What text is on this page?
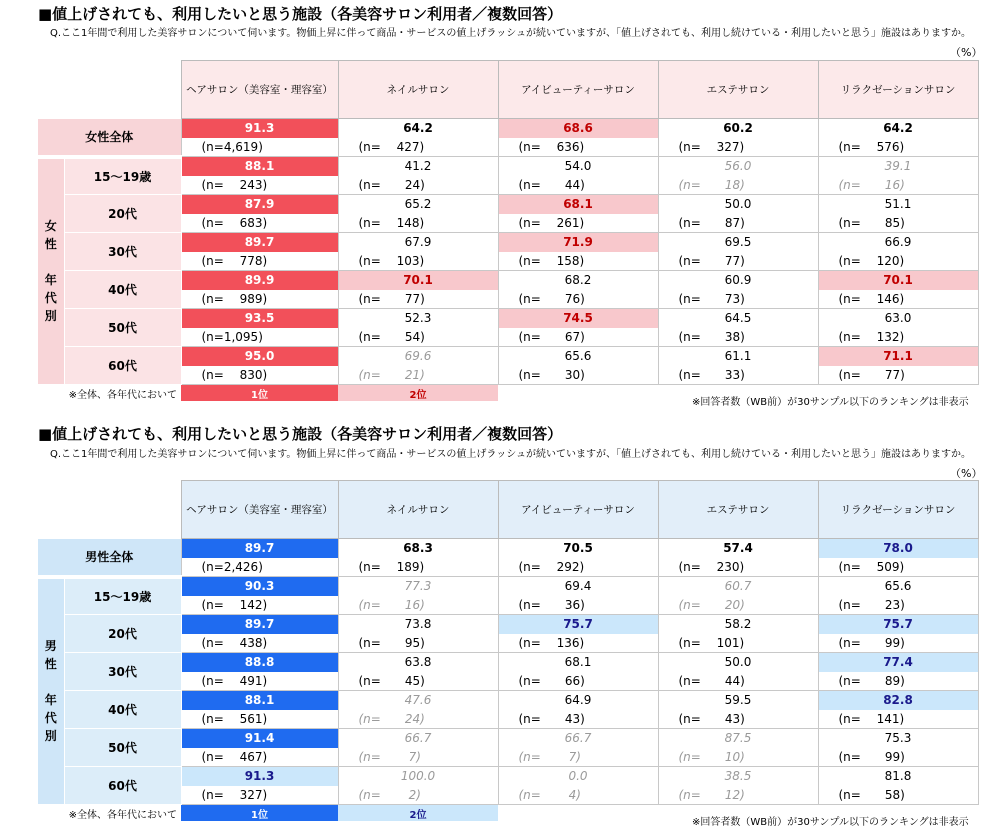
■値上げされても、利用したいと思う施設（各美容サロン利用者／複数回答）
Q.ここ1年間で利用した美容サロンについて伺います。物価上昇に伴って商品・サービスの値上げラッシュが続いていますが、「値上げされても、利用し続けている・利用したいと思う」施設はありますか。
（%）
		ヘアサロン（美容室・理容室）	ネイルサロン	アイビューティーサロン	エステサロン	リラクゼーションサロン
女性全体		91.3	64.2	68.6	60.2	64.2
		(n=4,619)	(n=　 427)	(n=　 636)	(n=　 327)	(n=　 576)

女
性
年
代
別	15～19歳	88.1	41.2	54.0	56.0	39.1
		(n=　 243)	(n=　　24)	(n=　　44)	(n=　　18)	(n=　　16)
	20代	87.9	65.2	68.1	50.0	51.1
		(n=　 683)	(n=　 148)	(n=　 261)	(n=　　87)	(n=　　85)
	30代	89.7	67.9	71.9	69.5	66.9
		(n=　 778)	(n=　 103)	(n=　 158)	(n=　　77)	(n=　 120)
	40代	89.9	70.1	68.2	60.9	70.1
		(n=　 989)	(n=　　77)	(n=　　76)	(n=　　73)	(n=　 146)
	50代	93.5	52.3	74.5	64.5	63.0
		(n=1,095)	(n=　　54)	(n=　　67)	(n=　　38)	(n=　 132)
	60代	95.0	69.6	65.6	61.1	71.1
		(n=　 830)	(n=　　21)	(n=　　30)	(n=　　33)	(n=　　77)
※全体、各年代において		1位	2位			
※回答者数（WB前）が30サンプル以下のランキングは非表示
■値上げされても、利用したいと思う施設（各美容サロン利用者／複数回答）
Q.ここ1年間で利用した美容サロンについて伺います。物価上昇に伴って商品・サービスの値上げラッシュが続いていますが、「値上げされても、利用し続けている・利用したいと思う」施設はありますか。
（%）
		ヘアサロン（美容室・理容室）	ネイルサロン	アイビューティーサロン	エステサロン	リラクゼーションサロン
男性全体		89.7	68.3	70.5	57.4	78.0
		(n=2,426)	(n=　 189)	(n=　 292)	(n=　 230)	(n=　 509)

男
性
年
代
別	15～19歳	90.3	77.3	69.4	60.7	65.6
		(n=　 142)	(n=　　16)	(n=　　36)	(n=　　20)	(n=　　23)
	20代	89.7	73.8	75.7	58.2	75.7
		(n=　 438)	(n=　　95)	(n=　 136)	(n=　 101)	(n=　　99)
	30代	88.8	63.8	68.1	50.0	77.4
		(n=　 491)	(n=　　45)	(n=　　66)	(n=　　44)	(n=　　89)
	40代	88.1	47.6	64.9	59.5	82.8
		(n=　 561)	(n=　　24)	(n=　　43)	(n=　　43)	(n=　 141)
	50代	91.4	66.7	66.7	87.5	75.3
		(n=　 467)	(n=　　 7)	(n=　　 7)	(n=　　10)	(n=　　99)
	60代	91.3	100.0	0.0	38.5	81.8
		(n=　 327)	(n=　　 2)	(n=　　 4)	(n=　　12)	(n=　　58)
※全体、各年代において		1位	2位			
※回答者数（WB前）が30サンプル以下のランキングは非表示
